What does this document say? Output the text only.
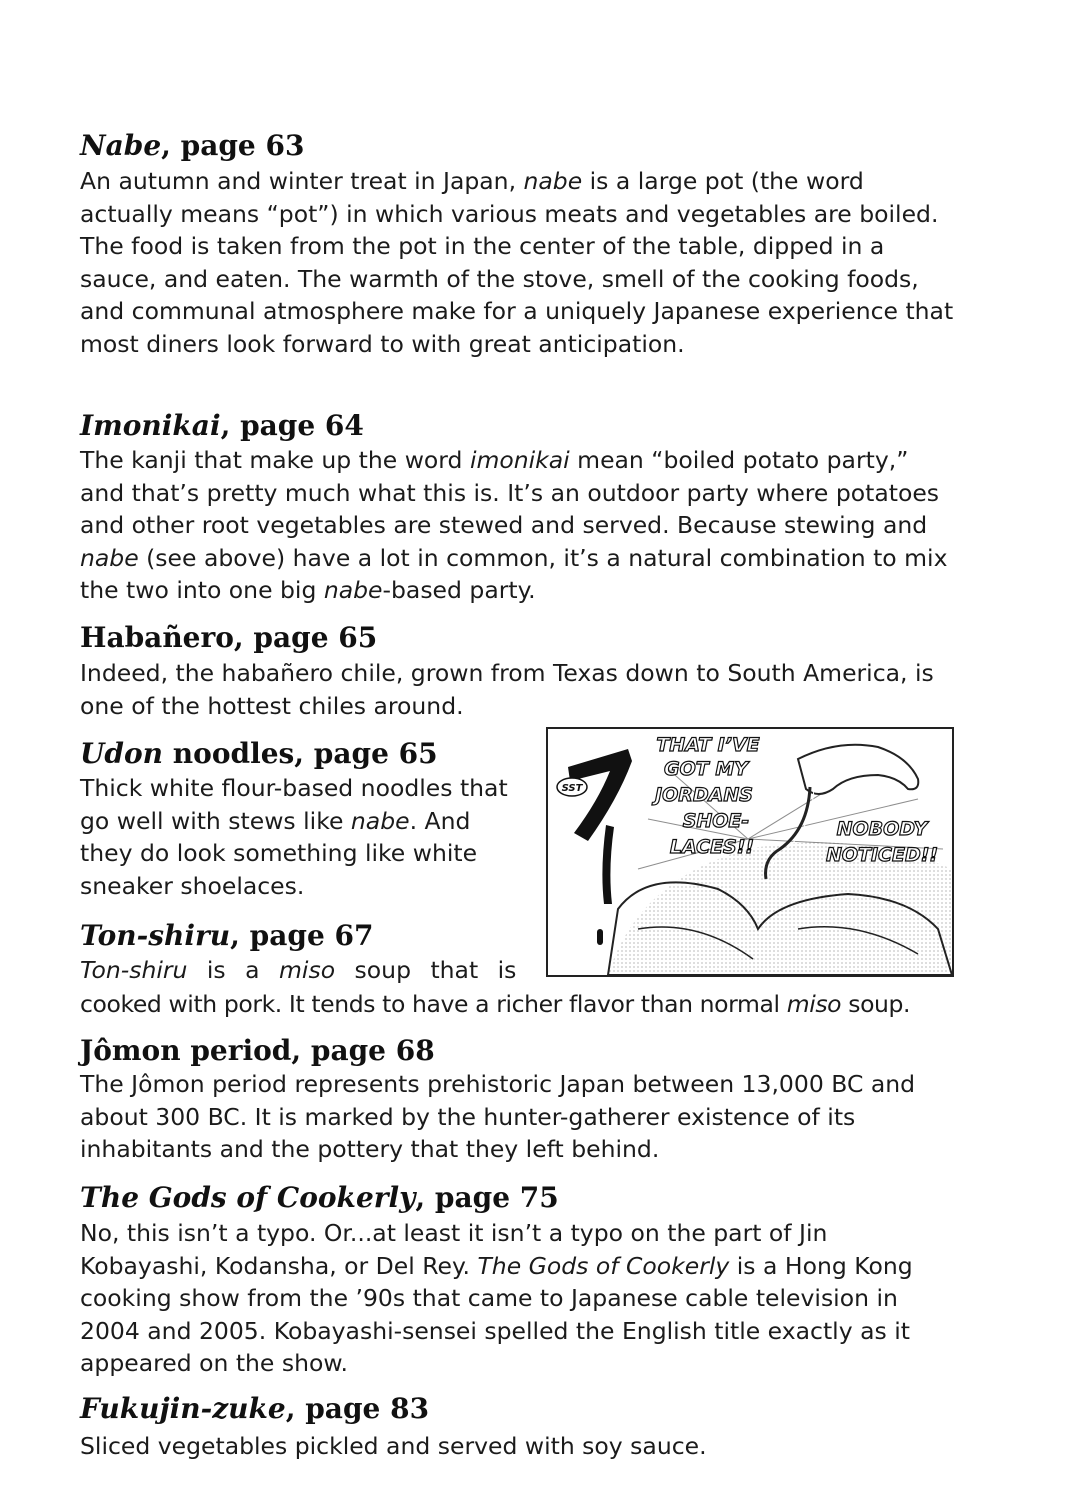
Nabe, page 63

An autumn and winter treat in Japan, nabe is a large pot (the word actually means “pot”) in which various meats and vegetables are boiled. The food is taken from the pot in the center of the table, dipped in a sauce, and eaten. The warmth of the stove, smell of the cooking foods, and communal atmosphere make for a uniquely Japanese experience that most diners look forward to with great anticipation.

Imonikai, page 64

The kanji that make up the word imonikai mean “boiled potato party,” and that’s pretty much what this is. It’s an outdoor party where potatoes and other root vegetables are stewed and served. Because stewing and nabe (see above) have a lot in common, it’s a natural combination to mix the two into one big nabe-based party.

Habañero, page 65

Indeed, the habañero chile, grown from Texas down to South America, is one of the hottest chiles around.

Udon noodles, page 65

Thick white flour-based noodles that go well with stews like nabe. And they do look something like white sneaker shoelaces.

Ton-shiru, page 67

Ton-shiru is a miso soup that is

cooked with pork. It tends to have a richer flavor than normal miso soup.

Jômon period, page 68

The Jômon period represents prehistoric Japan between 13,000 BC and about 300 BC. It is marked by the hunter-gatherer existence of its inhabitants and the pottery that they left behind.

The Gods of Cookerly, page 75

No, this isn’t a typo. Or...at least it isn’t a typo on the part of Jin Kobayashi, Kodansha, or Del Rey. The Gods of Cookerly is a Hong Kong cooking show from the ’90s that came to Japanese cable television in 2004 and 2005. Kobayashi-sensei spelled the English title exactly as it appeared on the show.

Fukujin-zuke, page 83

Sliced vegetables pickled and served with soy sauce.

SST
THAT I’VE
GOT MY
JORDANS
SHOE-
LACES!!
NOBODY
NOTICED!!
